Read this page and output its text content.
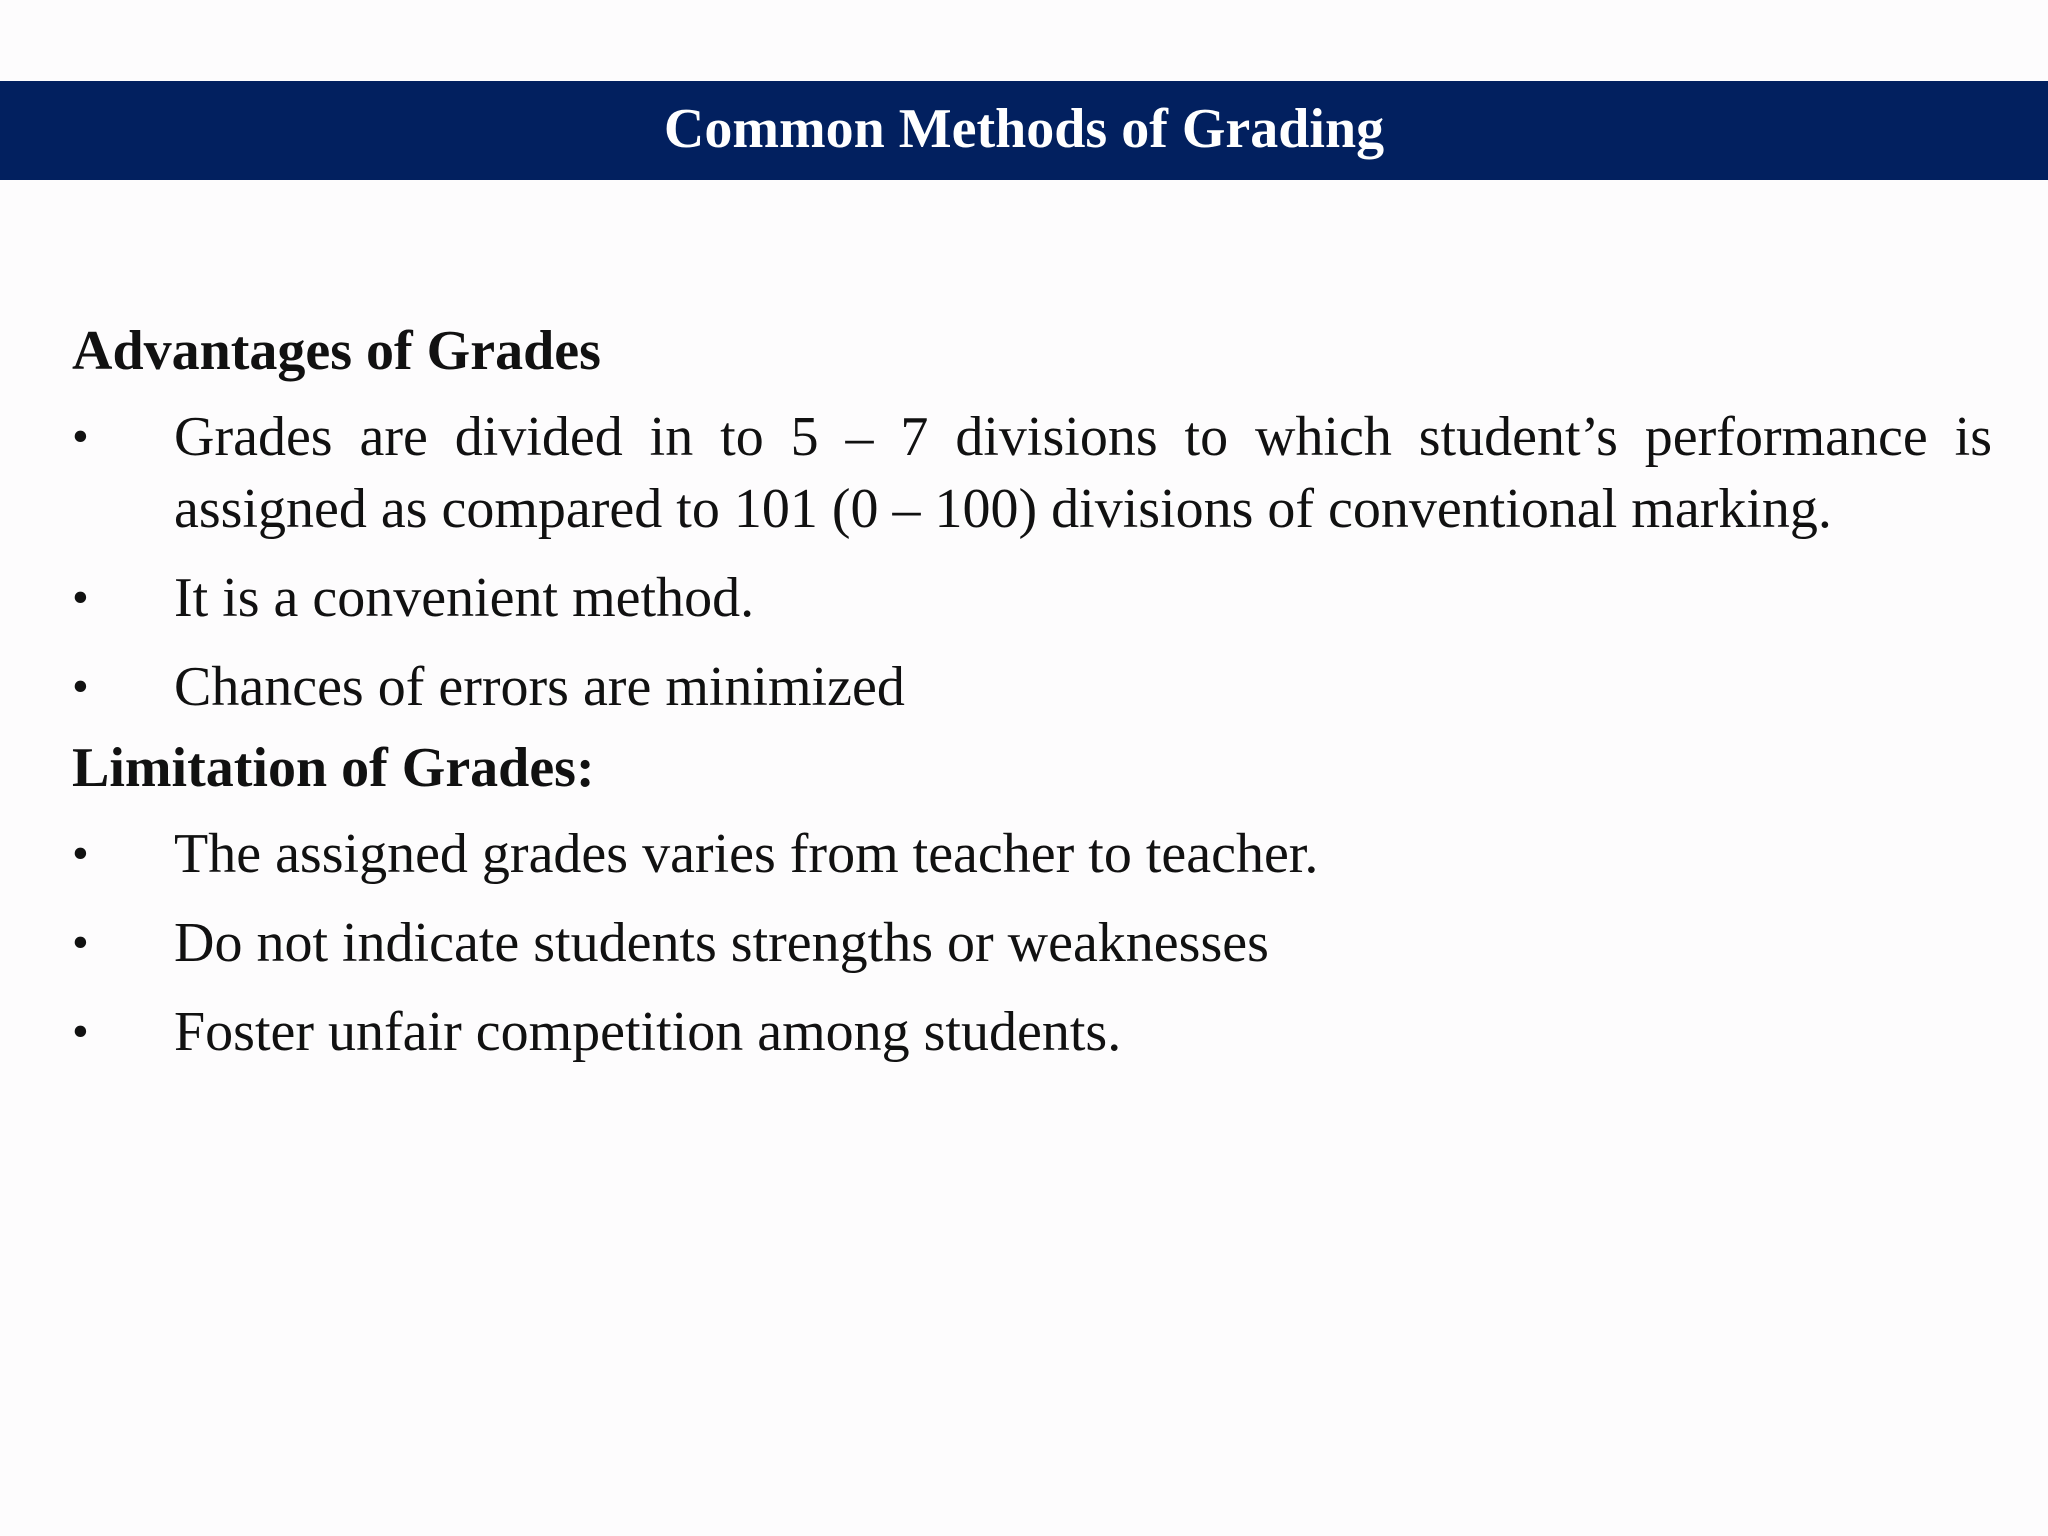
Common Methods of Grading

Advantages of Grades

•	Grades are divided in to 5 – 7 divisions to which student’s performance is assigned as compared to 101 (0 – 100) divisions of conventional marking.
•	It is a convenient method.
•	Chances of errors are minimized

Limitation of Grades:

•	The assigned grades varies from teacher to teacher.
•	Do not indicate students strengths or weaknesses
•	Foster unfair competition among students.
